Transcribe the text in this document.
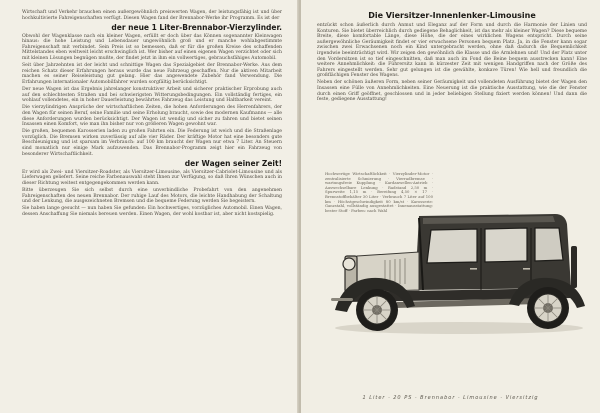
Wirtschaft und Verkehr brauchen einen außergewöhnlich preiswerten Wagen, der leistungsfähig ist und über hochkultivierte Fahreigenschaften verfügt. Diesen Wagen fand der Brennabor-Werke ihr Programm. Es ist der

der neue 1 Liter-Brennabor-Vierzylinder.

Obwohl der Wagenklasse nach ein kleiner Wagen, erfüllt er doch über das Können sogenannter Kleinwagen hinaus: die hohe Leistung und Lebensdauer ungewöhnlich groß und er manche wohlabgestimmte Fahreigenschaft mit verbindet. Sein Preis ist so bemessen, daß er für die großen Kreise des schaffenden Mittelstandes eben weltweit leicht erschwinglich ist. Wer bisher auf einen eigenen Wagen verzichtet oder sich mit kleinen Lösungen begnügen mußte, der findet jetzt in ihm ein vollwertiges, gebrauchsfähiges Automobil.

Seit über Jahrzehnten ist der leicht und schnittige Wagen das Spezialgebiet der Brennabor-Werke. Aus dem reichen Schatz dieser Erfahrungen heraus wurde das neue Fahrzeug geschaffen. Nur die aktiven Mitarbeit machen es seiner Reiseleistung gut gelang. Hier das angewendete Zubehör fand Verwendung. Die Erfahrungen internationaler Automobilfahrer wurden sorgfältig berücksichtigt.

Der neue Wagen ist das Ergebnis jahrelanger konstruktiver Arbeit und sicherer praktischer Erprobung auch auf den schlechtesten Straßen und bei schwierigsten Witterungsbedingungen. Ein vollständig fertiges, ein wohlauf vollendetes, ein in hoher Dauerleistung bewährtes Fahrzeug das Leistung und Haltbarkeit vereint.

Die vierzylindrigen Ansprüche der wirtschaftlichen Zeiten, die hohen Anforderungen des Herrenfahrers, der den Wagen für seinen Beruf, seine Familie und seine Erholung braucht, sowie des modernen Kaufmanns — alle diese Anforderungen wurden berücksichtigt. Der Wagen ist wendig und sicher zu fahren und bietet seinen Insassen einen Komfort, wie man ihn bisher nur von größeren Wagen gewohnt war.

Die großen, bequemen Karosserien laden zu großen Fahrten ein. Die Federung ist weich und die Straßenlage vorzüglich. Die Bremsen wirken zuverlässig auf alle vier Räder. Der kräftige Motor hat eine besonders gute Beschleunigung und ist sparsam im Verbrauch: auf 100 km braucht der Wagen nur etwa 7 Liter. An Steuern sind monatlich nur einige Mark aufzuwenden. Das Brennabor-Programm zeigt hier ein Fahrzeug von besonderer Wirtschaftlichkeit.

der Wagen seiner Zeit!

Er wird als Zwei- und Viersitzer-Roadster, als Viersitzer-Limousine, als Viersitzer-Cabriolet-Limousine und als Lieferwagen geliefert. Seine reiche Farbenauswahl steht Ihnen zur Verfügung, so daß Ihren Wünschen auch in dieser Richtung weitest entgegengekommen werden kann.

Bitte überzeugen Sie sich selbst durch eine unverbindliche Probefahrt von den angenehmen Fahreigenschaften des neuen Brennabor. Der ruhige Lauf des Motors, die leichte Handhabung der Schaltung und der Lenkung, die ausgezeichneten Bremsen und die bequeme Federung werden Sie begeistern.

Sie haben lange gesucht — nun haben Sie gefunden: Ein hochwertiges, vorzügliches Automobil. Einen Wagen, dessen Anschaffung Sie niemals bereuen werden. Einen Wagen, der wohl kostbar ist, aber nicht kostspielig.

Die Viersitzer-Innenlenker-Limousine

entzückt schon äußerlich durch Anmut und Eleganz auf der Form und durch die Harmonie der Linien und Konturen. Sie bietet überreichlich durch gediegene Behaglichkeit, ist das mehr als kleiner Wagen? Diese bequeme Breite, diese komfortable Länge, diese Höhe, die der eines wirklichen Wagens entspricht. Durch seine außergewöhnliche Geräumigkeit findet er vier erwachsene Personen bequem Platz. Ja, in die Fenster kann sogar zwischen zwei Erwachsenen noch ein Kind untergebracht werden, ohne daß dadurch die Bequemlichkeit irgendwie beeinträchtigt wird. Wir zeigen den gewöhnlich die Klasse und die Armlehnen und! Und der Platz unter den Vordersitzen ist so tief eingeschnitten, daß man auch im Fond die Beine bequem ausstrecken kann! Eine weitere Annehmlichkeit: die Führersitz kann in kürzester Zeit mit wenigen Handgriffen nach der Größe des Fahrers eingestellt werden. Sehr gut gelungen ist die gewählte, konkave Türen! Wie hell und freundlich die großflächigen Fenster des Wagens.

Neben der schönen äußeren Form, neben seiner Geräumigkeit und vollendeten Ausführung bietet der Wagen den Insassen eine Fülle von Annehmlichkeiten. Eine Neuerung ist die praktische Ausstattung, wie die der Fenster durch einen Griff geöffnet, geschlossen und in jeder beliebigen Stellung fixiert werden können! Und dann die feste, gediegene Ausstattung!

Hochwertige Wirtschaftlichkeit · Vierzylinder-Motor · zentralisierte Schmierung · Vierradbremse · wartungsfreie Kupplung · Kardanwellen-Antrieb · Auswechselbare Lenkung · Radstand 2,50 m · Spurweite 1,15 m · Bereifung 4,50 × 17 · Brennstoffbehälter 30 Liter · Verbrauch 7 Liter auf 100 km · Höchstgeschwindigkeit 80 km/st · Karosserie: Ganzstahl, vollständig ausgestattet · Innenausstattung: bester Stoff · Farben: nach Wahl

1 Liter · 20 PS · Brennabor · Limousine · Viersitzig
